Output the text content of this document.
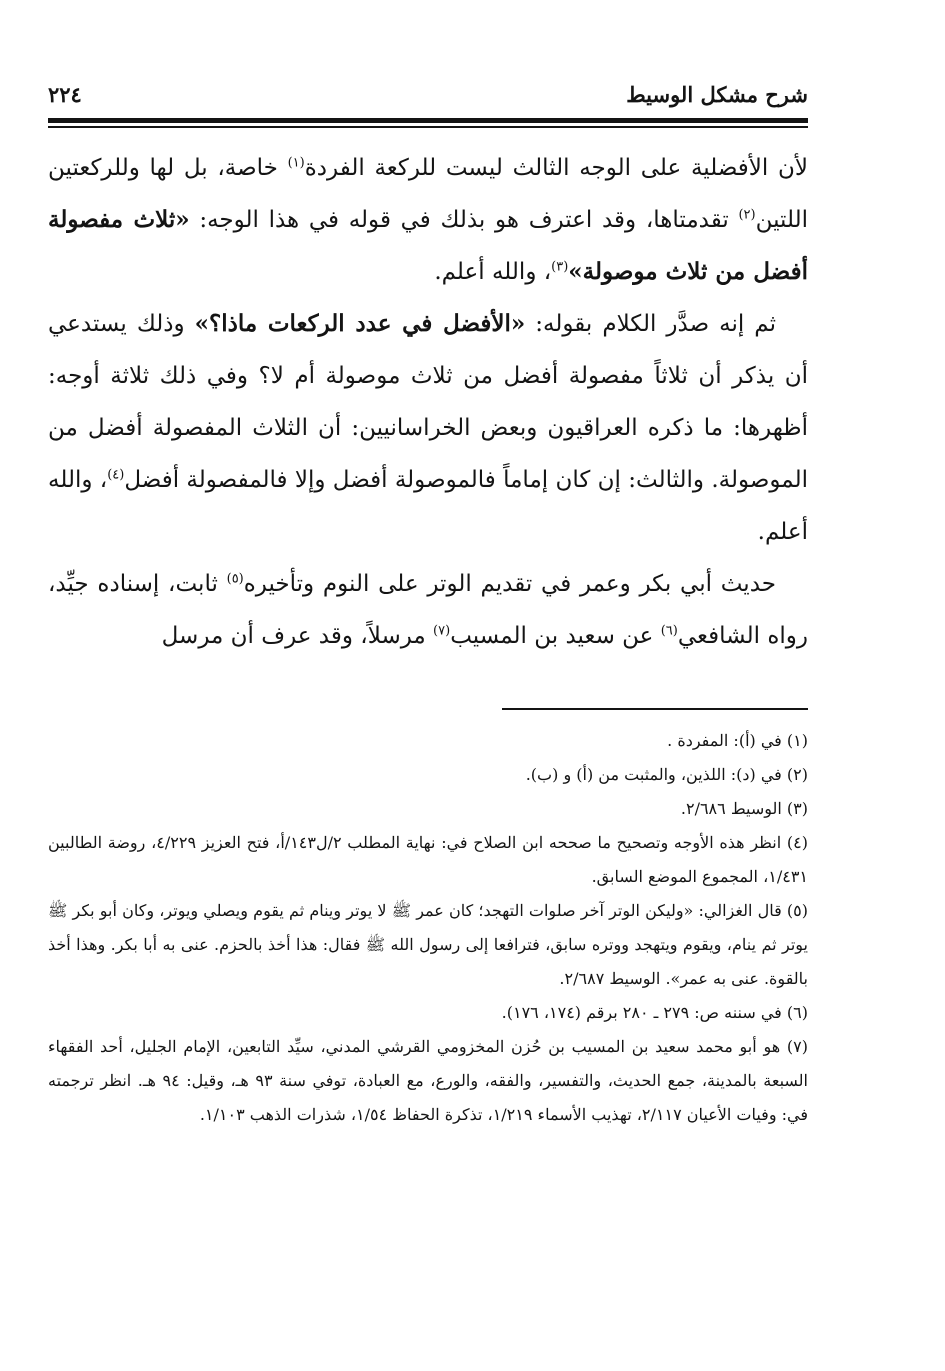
شرح مشكل الوسيط
٢٢٤

لأن الأفضلية على الوجه الثالث ليست للركعة الفردة$^{(١)}$ خاصة، بل لها وللركعتين اللتين$^{(٢)}$ تقدمتاها، وقد اعترف هو بذلك في قوله في هذا الوجه: «ثلاث مفصولة أفضل من ثلاث موصولة»$^{(٣)}$، والله أعلم.

ثم إنه صدَّر الكلام بقوله: «الأفضل في عدد الركعات ماذا؟» وذلك يستدعي أن يذكر أن ثلاثاً مفصولة أفضل من ثلاث موصولة أم لا؟ وفي ذلك ثلاثة أوجه: أظهرها: ما ذكره العراقيون وبعض الخراسانيين: أن الثلاث المفصولة أفضل من الموصولة. والثالث: إن كان إماماً فالموصولة أفضل وإلا فالمفصولة أفضل$^{(٤)}$، والله أعلم.

حديث أبي بكر وعمر في تقديم الوتر على النوم وتأخيره$^{(٥)}$ ثابت، إسناده جيِّد، رواه الشافعي$^{(٦)}$ عن سعيد بن المسيب$^{(٧)}$ مرسلاً، وقد عرف أن مرسل

(١) في (أ): المفردة .

(٢) في (د): اللذين، والمثبت من (أ) و (ب).

(٣) الوسيط ٢/٦٨٦.

(٤) انظر هذه الأوجه وتصحيح ما صححه ابن الصلاح في: نهاية المطلب ٢/ل١٤٣/أ، فتح العزيز ٤/٢٢٩، روضة الطالبين ١/٤٣١، المجموع الموضع السابق.

(٥) قال الغزالي: «وليكن الوتر آخر صلوات التهجد؛ كان عمر ﷺ لا يوتر وينام ثم يقوم ويصلي ويوتر، وكان أبو بكر ﷺ يوتر ثم ينام، ويقوم ويتهجد ووتره سابق، فترافعا إلى رسول الله ﷺ فقال: هذا أخذ بالحزم. عنى به أبا بكر. وهذا أخذ بالقوة. عنى به عمر». الوسيط ٢/٦٨٧.

(٦) في سننه ص: ٢٧٩ ـ ٢٨٠ برقم (١٧٤، ١٧٦).

(٧) هو أبو محمد سعيد بن المسيب بن حُزن المخزومي القرشي المدني، سيِّد التابعين، الإمام الجليل، أحد الفقهاء السبعة بالمدينة، جمع الحديث، والتفسير، والفقه، والورع، مع العبادة، توفي سنة ٩٣ هـ، وقيل: ٩٤ هـ. انظر ترجمته في: وفيات الأعيان ٢/١١٧، تهذيب الأسماء ١/٢١٩، تذكرة الحفاظ ١/٥٤، شذرات الذهب ١/١٠٣.
